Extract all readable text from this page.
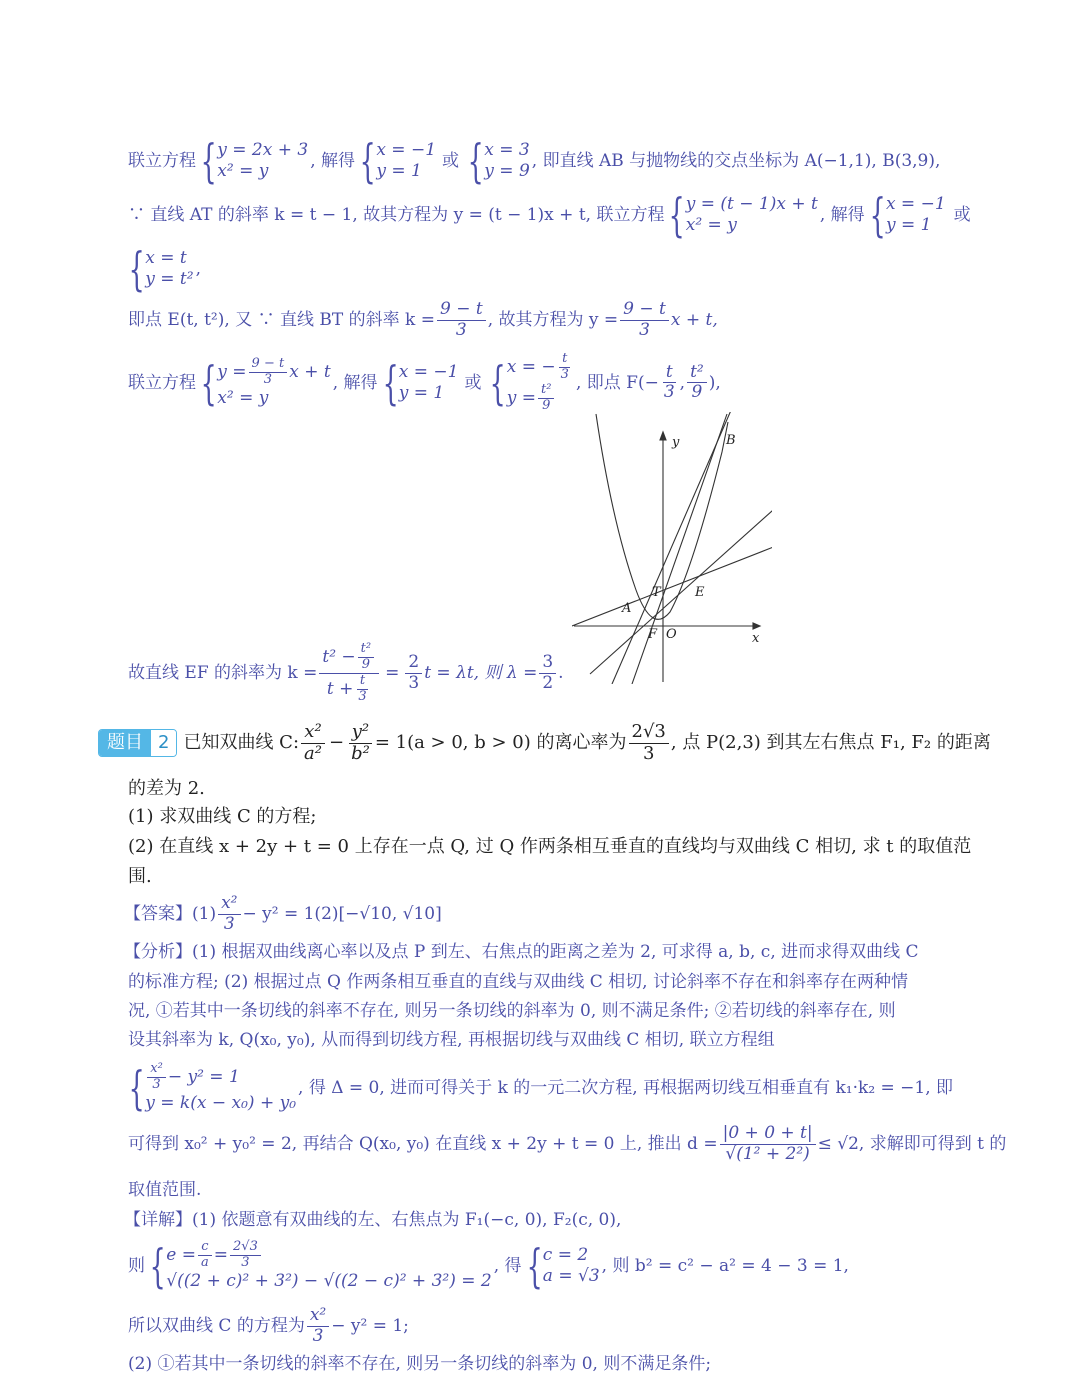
联立方程 { y = 2x + 3
x² = y
, 解得 { x = −1
y = 1
或 { x = 3
y = 9
, 即直线 AB 与抛物线的交点坐标为 A(−1,1), B(3,9),
∵ 直线 AT 的斜率 k = t − 1, 故其方程为 y = (t − 1)x + t, 联立方程 { y = (t − 1)x + t
x² = y
, 解得 { x = −1
y = 1
或
{ x = t
y = t²
,
即点 E(t, t²), 又 ∵ 直线 BT 的斜率 $k = \frac{9 - t}{3}$ , 故其方程为 $y = \frac{9 - t}{3}$ x + t,
联立方程 { $y = \frac{9 - t}{3}$ x + t
x² = y
, 解得 { x = −1
y = 1
或 { x = − $\frac{t}{3}$
$y = \frac{\text{t²}}{9}$
, 即点 $F(- \frac{t}{3}$ , $\frac{\text{t²}}{9}$ ),
y
x
B
T	E
A
F O
故直线 EF 的斜率为 $k = \frac{t^2 - \frac{\text{t²}}{9}}{t + \frac{t}{3}} = \frac{2}{3}$ t = λt, 则 $\lambda = \frac{3}{2}$ .
题目 2 已知双曲线 C: $\frac{\text{x²}}{\text{a²}} - \frac{\text{y²}}{\text{b²}} = 1(a > 0$, b > 0) 的离心率为 $\frac{2√3}{3}$ , 点 P(2,3) 到其左右焦点 F₁, F₂ 的距离
的差为 2.
(1) 求双曲线 C 的方程;
(2) 在直线 x + 2y + t = 0 上存在一点 Q, 过 Q 作两条相互垂直的直线均与双曲线 C 相切, 求 t 的取值范
围.
【答案】 $(1) \frac{\text{x²}}{3} - y^2 = 1(2)[-√10$, √10]
【分析】(1) 根据双曲线离心率以及点 P 到左、右焦点的距离之差为 2, 可求得 a, b, c, 进而求得双曲线 C
的标准方程; (2) 根据过点 Q 作两条相互垂直的直线与双曲线 C 相切, 讨论斜率不存在和斜率存在两种情
况, ①若其中一条切线的斜率不存在, 则另一条切线的斜率为 0, 则不满足条件; ②若切线的斜率存在, 则
设其斜率为 k, Q(x₀, y₀), 从而得到切线方程, 再根据切线与双曲线 C 相切, 联立方程组
{ $\frac{\text{x²}}{3} - y^2 = 1$
y = k(x − x₀) + y₀
, 得 Δ = 0, 进而可得关于 k 的一元二次方程, 再根据两切线互相垂直有 k₁·k₂ = −1, 即
可得到 x₀² + y₀² = 2, 再结合 Q(x₀, y₀) 在直线 x + 2y + t = 0 上, 推出 $d = \frac{|0 + 0 + t|}{\text{√(1² + 2²)}} \le √2$, 求解即可得到 t 的
取值范围.
【详解】(1) 依题意有双曲线的左、右焦点为 F₁(−c, 0), F₂(c, 0),
则 { $e = \frac{c}{a} = \frac{2√3}{3}$
√((2 + c)² + 3²) − √((2 − c)² + 3²) = 2
, 得 { c = 2
a = √3
, 则 b² = c² − a² = 4 − 3 = 1,
所以双曲线 C 的方程为 $\frac{\text{x²}}{3} - y^2 = 1$;
(2) ①若其中一条切线的斜率不存在, 则另一条切线的斜率为 0, 则不满足条件;
